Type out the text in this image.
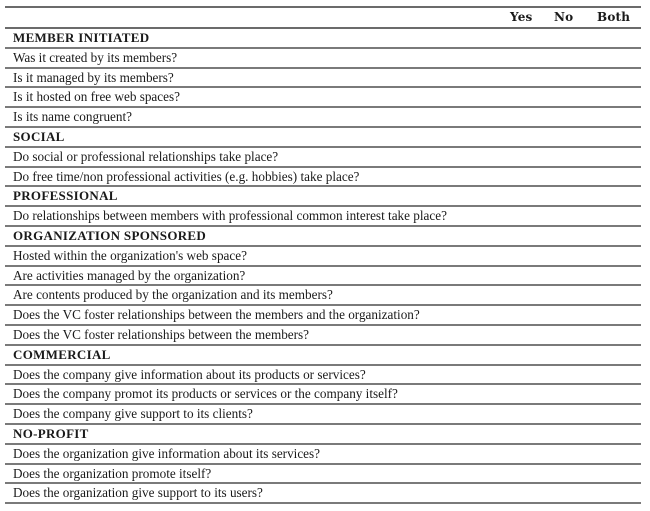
Yes No Both
MEMBER INITIATED
Was it created by its members?
Is it managed by its members?
Is it hosted on free web spaces?
Is its name congruent?
SOCIAL
Do social or professional relationships take place?
Do free time/non professional activities (e.g. hobbies) take place?
PROFESSIONAL
Do relationships between members with professional common interest take place?
ORGANIZATION SPONSORED
Hosted within the organization's web space?
Are activities managed by the organization?
Are contents produced by the organization and its members?
Does the VC foster relationships between the members and the organization?
Does the VC foster relationships between the members?
COMMERCIAL
Does the company give information about its products or services?
Does the company promot its products or services or the company itself?
Does the company give support to its clients?
NO-PROFIT
Does the organization give information about its services?
Does the organization promote itself?
Does the organization give support to its users?
